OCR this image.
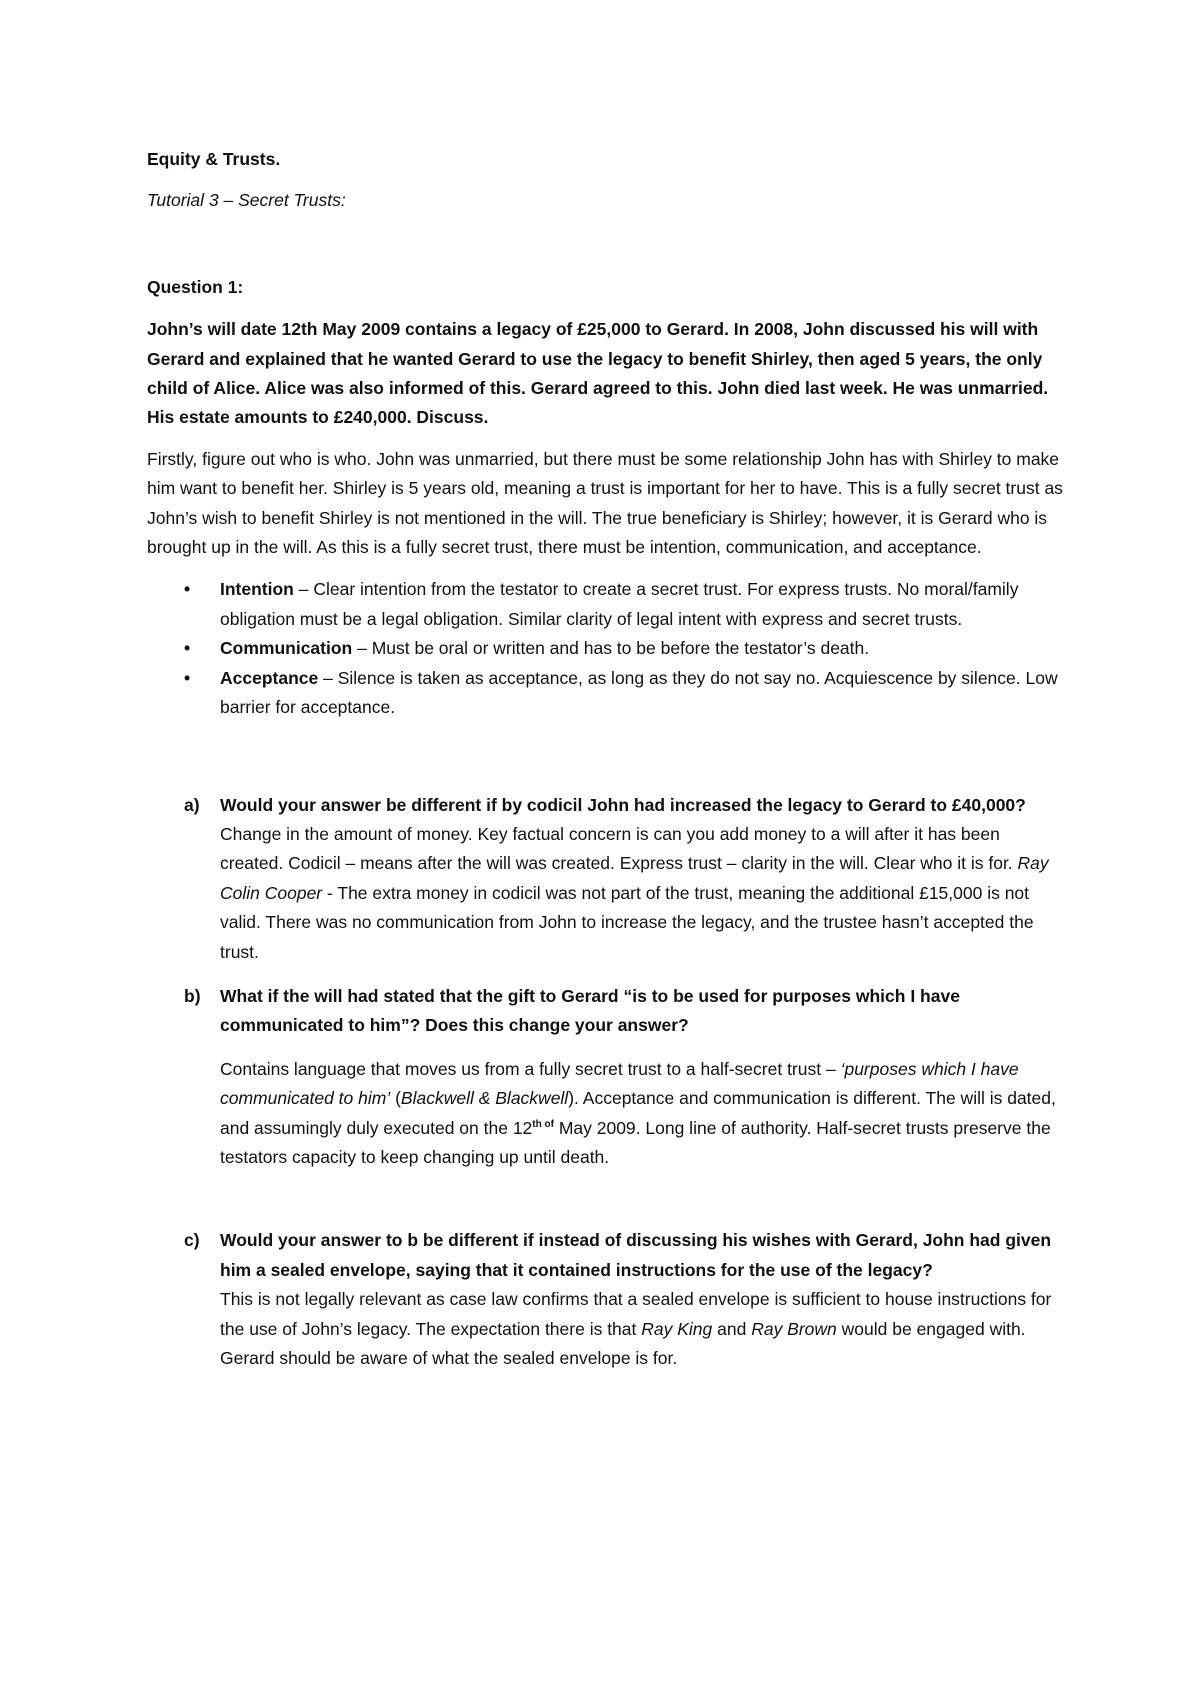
Equity & Trusts.

Tutorial 3 – Secret Trusts:

Question 1:

John’s will date 12th May 2009 contains a legacy of £25,000 to Gerard. In 2008, John discussed his will with Gerard and explained that he wanted Gerard to use the legacy to benefit Shirley, then aged 5 years, the only child of Alice. Alice was also informed of this. Gerard agreed to this. John died last week. He was unmarried. His estate amounts to £240,000. Discuss.

Firstly, figure out who is who. John was unmarried, but there must be some relationship John has with Shirley to make him want to benefit her. Shirley is 5 years old, meaning a trust is important for her to have. This is a fully secret trust as John’s wish to benefit Shirley is not mentioned in the will. The true beneficiary is Shirley; however, it is Gerard who is brought up in the will. As this is a fully secret trust, there must be intention, communication, and acceptance.

• Intention – Clear intention from the testator to create a secret trust. For express trusts. No moral/family obligation must be a legal obligation. Similar clarity of legal intent with express and secret trusts.
• Communication – Must be oral or written and has to be before the testator’s death.
• Acceptance – Silence is taken as acceptance, as long as they do not say no. Acquiescence by silence. Low barrier for acceptance.
a) Would your answer be different if by codicil John had increased the legacy to Gerard to £40,000?

Change in the amount of money. Key factual concern is can you add money to a will after it has been created. Codicil – means after the will was created. Express trust – clarity in the will. Clear who it is for. Ray Colin Cooper - The extra money in codicil was not part of the trust, meaning the additional £15,000 is not valid. There was no communication from John to increase the legacy, and the trustee hasn’t accepted the trust.

b) What if the will had stated that the gift to Gerard “is to be used for purposes which I have communicated to him”? Does this change your answer?

Contains language that moves us from a fully secret trust to a half-secret trust – ‘purposes which I have communicated to him’ (Blackwell & Blackwell). Acceptance and communication is different. The will is dated, and assumingly duly executed on the $12^{th of}$ May 2009. Long line of authority. Half-secret trusts preserve the testators capacity to keep changing up until death.

c) Would your answer to b be different if instead of discussing his wishes with Gerard, John had given him a sealed envelope, saying that it contained instructions for the use of the legacy?

This is not legally relevant as case law confirms that a sealed envelope is sufficient to house instructions for the use of John’s legacy. The expectation there is that Ray King and Ray Brown would be engaged with. Gerard should be aware of what the sealed envelope is for.
